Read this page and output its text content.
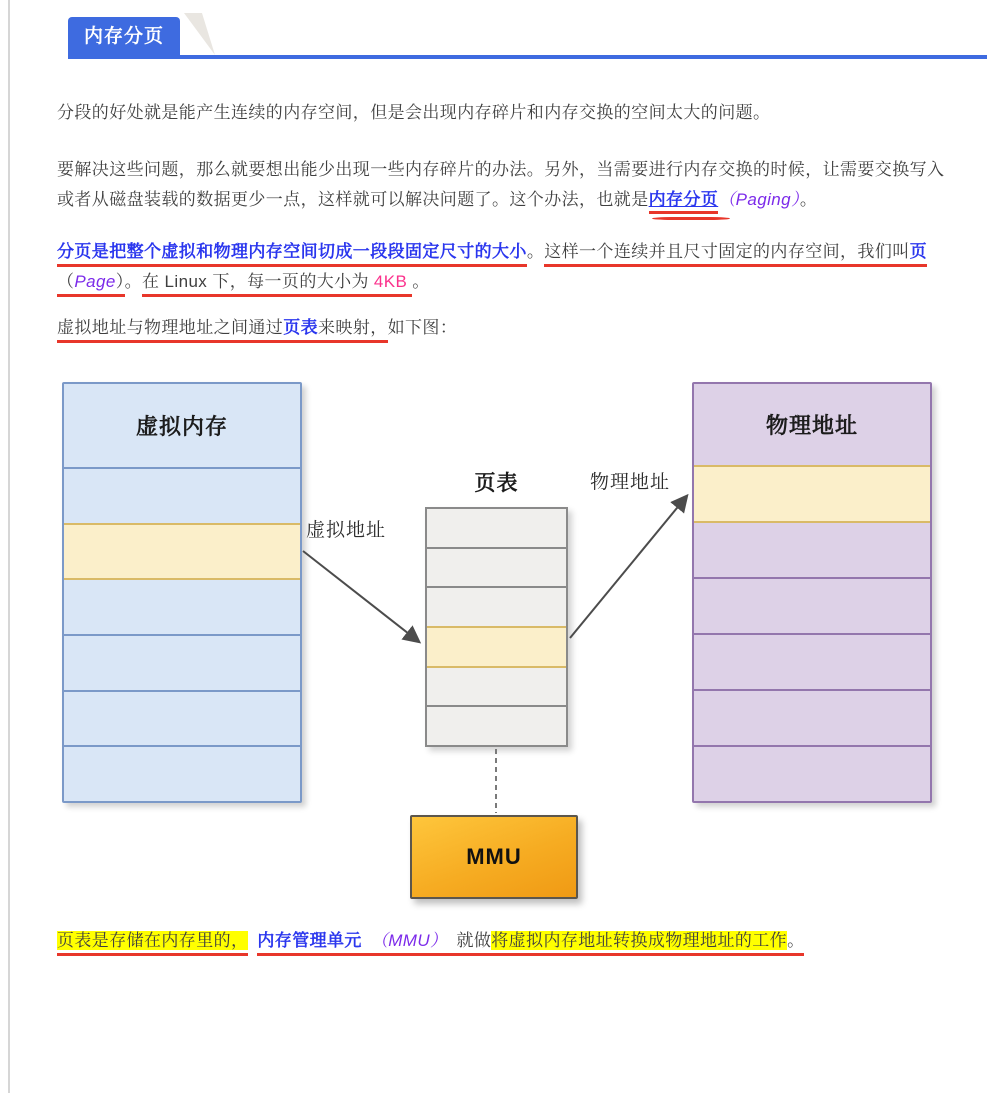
内存分页

分段的好处就是能产生连续的内存空间，但是会出现内存碎片和内存交换的空间太大的问题。

要解决这些问题，那么就要想出能少出现一些内存碎片的办法。另外，当需要进行内存交换的时候，让需要交换写入或者从磁盘装载的数据更少一点，这样就可以解决问题了。这个办法，也就是内存分页（Paging）。

分页是把整个虚拟和物理内存空间切成一段段固定尺寸的大小。这样一个连续并且尺寸固定的内存空间，我们叫页（Page）。在 Linux 下，每一页的大小为 4KB 。

虚拟地址与物理地址之间通过页表来映射，如下图：

虚拟内存
页表
物理地址
虚拟地址
物理地址
MMU

页表是存储在内存里的， 内存管理单元 （MMU） 就做将虚拟内存地址转换成物理地址的工作。
